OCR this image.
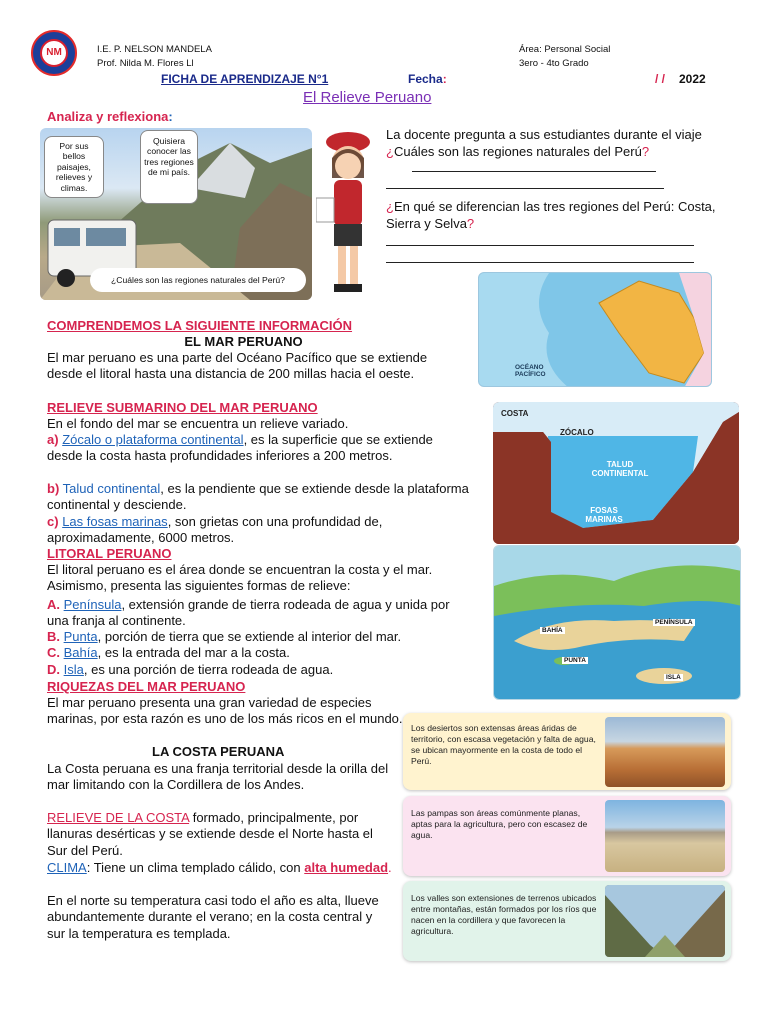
NM	I.E. P. NELSON MANDELA
Prof. Nilda M. Flores Ll
Área: Personal Social
3ero - 4to Grado
FICHA DE APRENDIZAJE N°1	Fecha:	/ / 2022
El Relieve Peruano
Analiza y reflexiona:
Por sus bellos paisajes, relieves y climas.
Quisiera conocer las tres regiones de mi país.
¿Cuáles son las regiones naturales del Perú?
La docente pregunta a sus estudiantes durante el viaje ¿Cuáles son las regiones naturales del Perú?
¿En qué se diferencian las tres regiones del Perú: Costa, Sierra y Selva?
OCÉANO PACÍFICO
COSTA
ZÓCALO
TALUD CONTINENTAL
FOSAS MARINAS
BAHÍA
PENÍNSULA
PUNTA
ISLA
COMPRENDEMOS LA SIGUIENTE INFORMACIÓN
EL MAR PERUANO
El mar peruano es una parte del Océano Pacífico que se extiende desde el litoral hasta una distancia de 200 millas hacia el oeste.
RELIEVE SUBMARINO DEL MAR PERUANO
En el fondo del mar se encuentra un relieve variado.
a) Zócalo o plataforma continental, es la superficie que se extiende desde la costa hasta profundidades inferiores a 200 metros.
b) Talud continental, es la pendiente que se extiende desde la plataforma continental y desciende.
c) Las fosas marinas, son grietas con una profundidad de, aproximadamente, 6000 metros.
LITORAL PERUANO
El litoral peruano es el área donde se encuentran la costa y el mar. Asimismo, presenta las siguientes formas de relieve:
A. Península, extensión grande de tierra rodeada de agua y unida por una franja al continente.
B. Punta, porción de tierra que se extiende al interior del mar.
C. Bahía, es la entrada del mar a la costa.
D. Isla, es una porción de tierra rodeada de agua.
RIQUEZAS DEL MAR PERUANO
El mar peruano presenta una gran variedad de especies marinas, por esta razón es uno de los más ricos en el mundo.
LA COSTA PERUANA
La Costa peruana es una franja territorial desde la orilla del mar limitando con la Cordillera de los Andes.
RELIEVE DE LA COSTA formado, principalmente, por llanuras desérticas y se extiende desde el Norte hasta el Sur del Perú.
CLIMA: Tiene un clima templado cálido, con alta humedad.
En el norte su temperatura casi todo el año es alta, llueve abundantemente durante el verano; en la costa central y sur la temperatura es templada.
Los desiertos son extensas áreas áridas de territorio, con escasa vegetación y falta de agua, se ubican mayormente en la costa de todo el Perú.
Las pampas son áreas comúnmente planas, aptas para la agricultura, pero con escasez de agua.
Los valles son extensiones de terrenos ubicados entre montañas, están formados por los ríos que nacen en la cordillera y que favorecen la agricultura.
